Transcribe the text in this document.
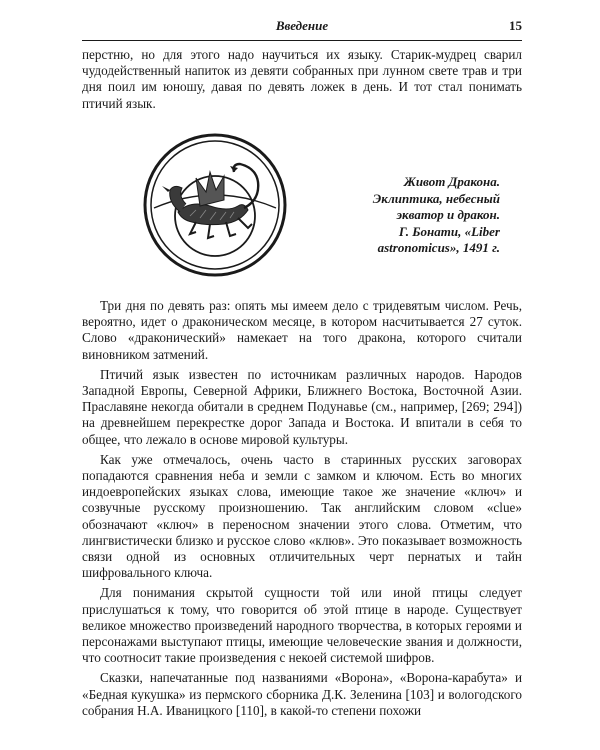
Введение	15

перстню, но для этого надо научиться их языку. Старик-мудрец сварил чудодейственный напиток из девяти собранных при лунном свете трав и три дня поил им юношу, давая по девять ложек в день. И тот стал понимать птичий язык.

Живот Дракона.
Эклиптика, небесный
экватор и дракон.
Г. Бонати, «Liber
astronomicus», 1491 г.

Три дня по девять раз: опять мы имеем дело с тридевятым числом. Речь, вероятно, идет о драконическом месяце, в котором насчитывается 27 суток. Слово «драконический» намекает на того дракона, которого считали виновником затмений.

Птичий язык известен по источникам различных народов. Народов Западной Европы, Северной Африки, Ближнего Востока, Восточной Азии. Праславяне некогда обитали в среднем Подунавье (см., например, [269; 294]) на древнейшем перекрестке дорог Запада и Востока. И впитали в себя то общее, что лежало в основе мировой культуры.

Как уже отмечалось, очень часто в старинных русских заговорах попадаются сравнения неба и земли с замком и ключом. Есть во многих индоевропейских языках слова, имеющие такое же значение «ключ» и созвучные русскому произношению. Так английским словом «clue» обозначают «ключ» в переносном значении этого слова. Отметим, что лингвистически близко и русское слово «клюв». Это показывает возможность связи одной из основных отличительных черт пернатых и тайн шифровального ключа.

Для понимания скрытой сущности той или иной птицы следует прислушаться к тому, что говорится об этой птице в народе. Существует великое множество произведений народного творчества, в которых героями и персонажами выступают птицы, имеющие человеческие звания и должности, что соотносит такие произведения с некоей системой шифров.

Сказки, напечатанные под названиями «Ворона», «Ворона-карабута» и «Бедная кукушка» из пермского сборника Д.К. Зеленина [103] и вологодского собрания Н.А. Иваницкого [110], в какой-то степени похожи
